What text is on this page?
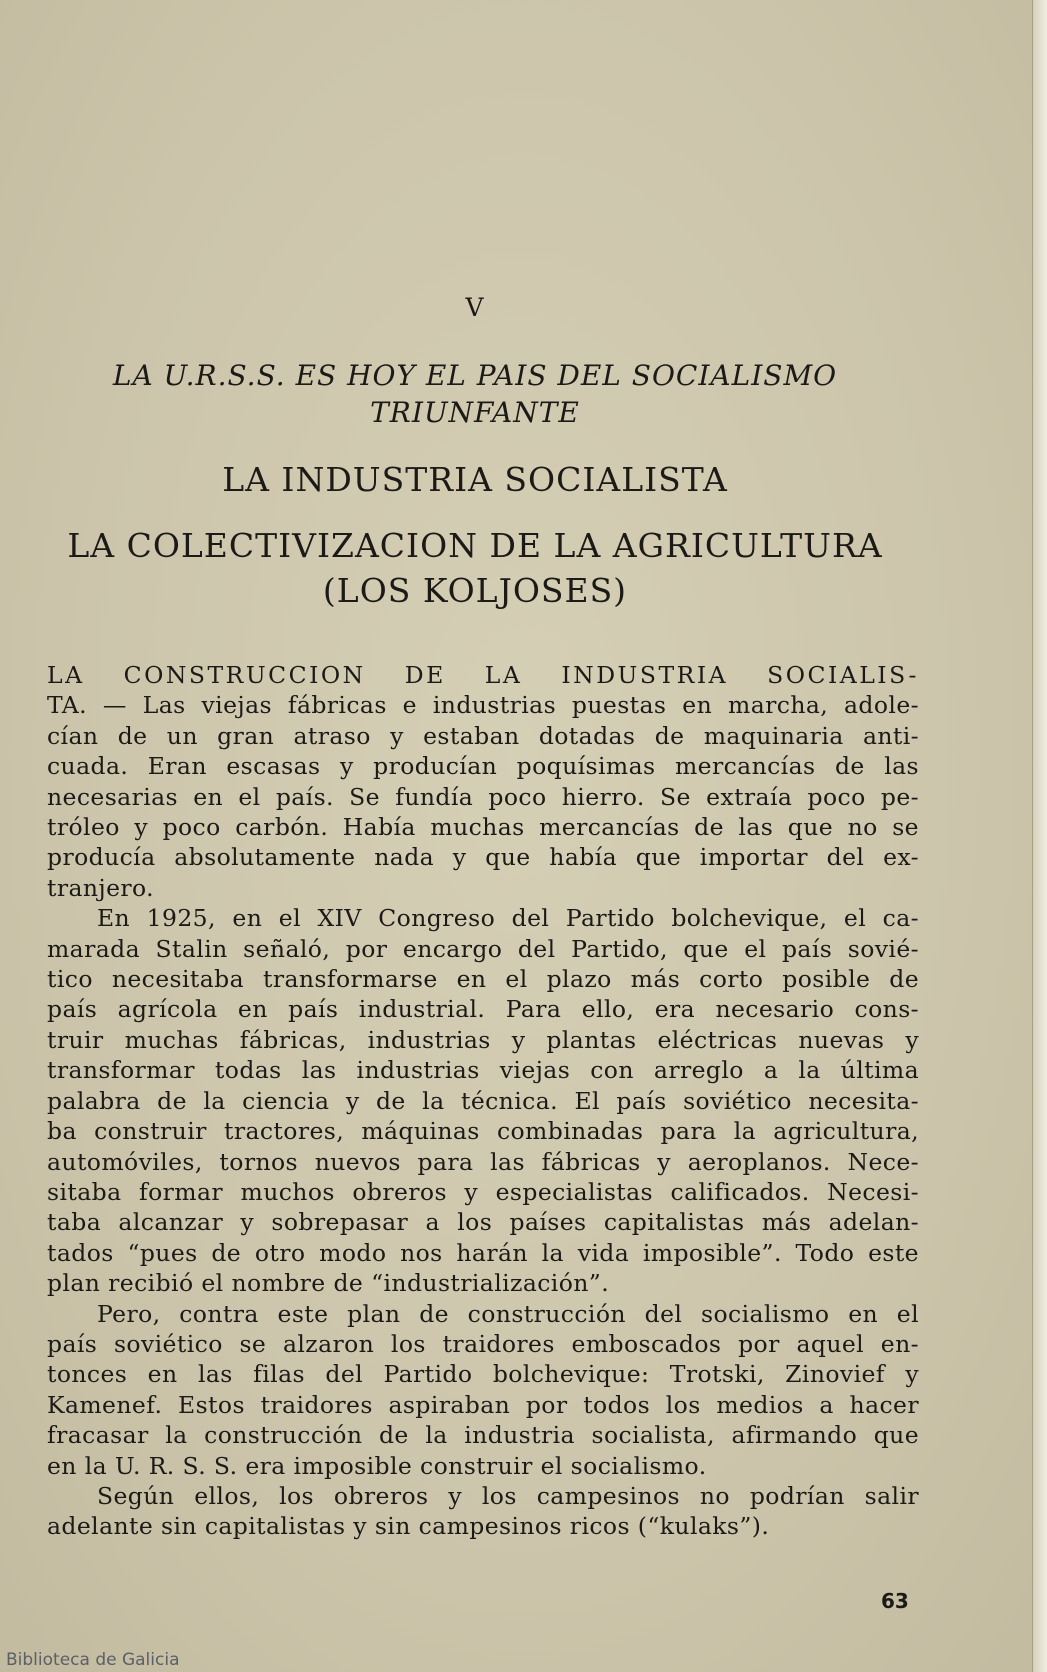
V
LA U.R.S.S. ES HOY EL PAIS DEL SOCIALISMO
TRIUNFANTE
LA INDUSTRIA SOCIALISTA
LA COLECTIVIZACION DE LA AGRICULTURA
(LOS KOLJOSES)
LA CONSTRUCCION DE LA INDUSTRIA SOCIALIS-
TA. — Las viejas fábricas e industrias puestas en marcha, adole-
cían de un gran atraso y estaban dotadas de maquinaria anti-
cuada. Eran escasas y producían poquísimas mercancías de las
necesarias en el país. Se fundía poco hierro. Se extraía poco pe-
tróleo y poco carbón. Había muchas mercancías de las que no se
producía absolutamente nada y que había que importar del ex-
tranjero.
En 1925, en el XIV Congreso del Partido bolchevique, el ca-
marada Stalin señaló, por encargo del Partido, que el país sovié-
tico necesitaba transformarse en el plazo más corto posible de
país agrícola en país industrial. Para ello, era necesario cons-
truir muchas fábricas, industrias y plantas eléctricas nuevas y
transformar todas las industrias viejas con arreglo a la última
palabra de la ciencia y de la técnica. El país soviético necesita-
ba construir tractores, máquinas combinadas para la agricultura,
automóviles, tornos nuevos para las fábricas y aeroplanos. Nece-
sitaba formar muchos obreros y especialistas calificados. Necesi-
taba alcanzar y sobrepasar a los países capitalistas más adelan-
tados “pues de otro modo nos harán la vida imposible”. Todo este
plan recibió el nombre de “industrialización”.
Pero, contra este plan de construcción del socialismo en el
país soviético se alzaron los traidores emboscados por aquel en-
tonces en las filas del Partido bolchevique: Trotski, Zinovief y
Kamenef. Estos traidores aspiraban por todos los medios a hacer
fracasar la construcción de la industria socialista, afirmando que
en la U. R. S. S. era imposible construir el socialismo.
Según ellos, los obreros y los campesinos no podrían salir
adelante sin capitalistas y sin campesinos ricos (“kulaks”).
63
Biblioteca de Galicia
